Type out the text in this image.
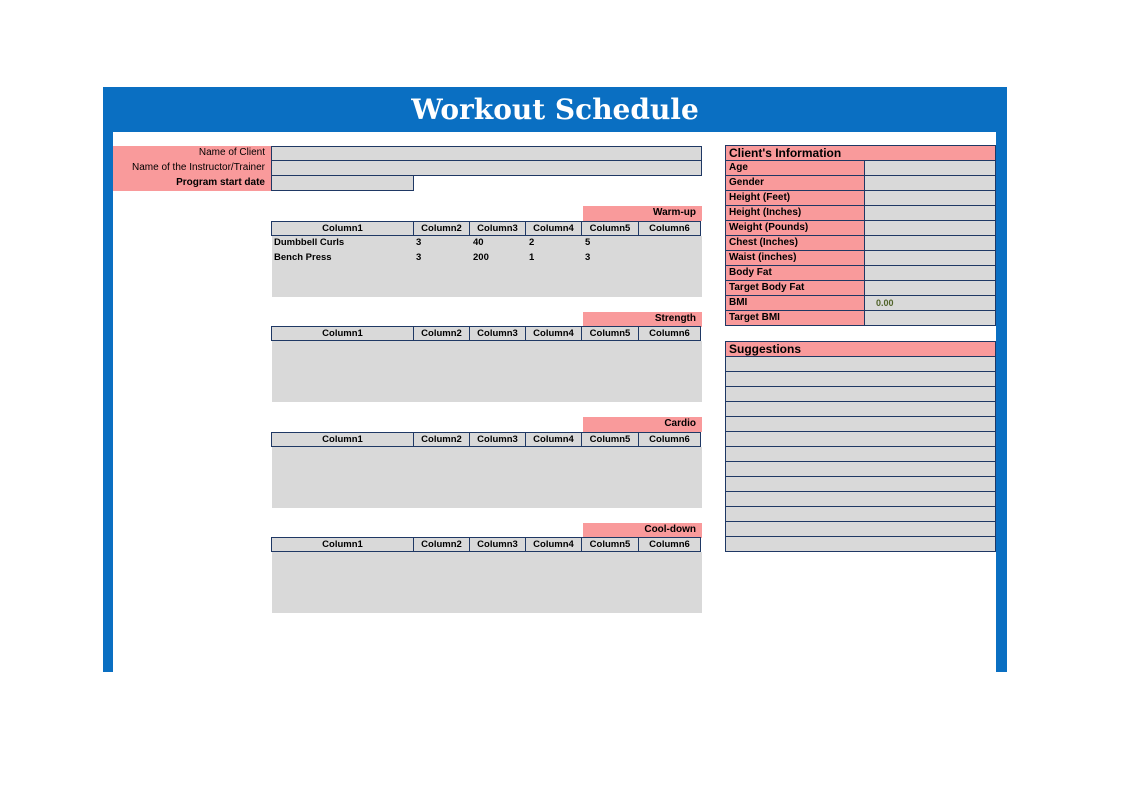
Workout Schedule
Name of Client
Name of the Instructor/Trainer
Program start date
Warm-up
Column1	Column2	Column3	Column4	Column5	Column6
Dumbbell Curls	3	40	2	5
Bench Press	3	200	1	3
Strength
Column1	Column2	Column3	Column4	Column5	Column6
Cardio
Column1	Column2	Column3	Column4	Column5	Column6
Cool-down
Column1	Column2	Column3	Column4	Column5	Column6
Client's Information
Age
Gender
Height (Feet)
Height (Inches)
Weight (Pounds)
Chest (Inches)
Waist (inches)
Body Fat
Target Body Fat
BMI	0.00
Target BMI
Suggestions
